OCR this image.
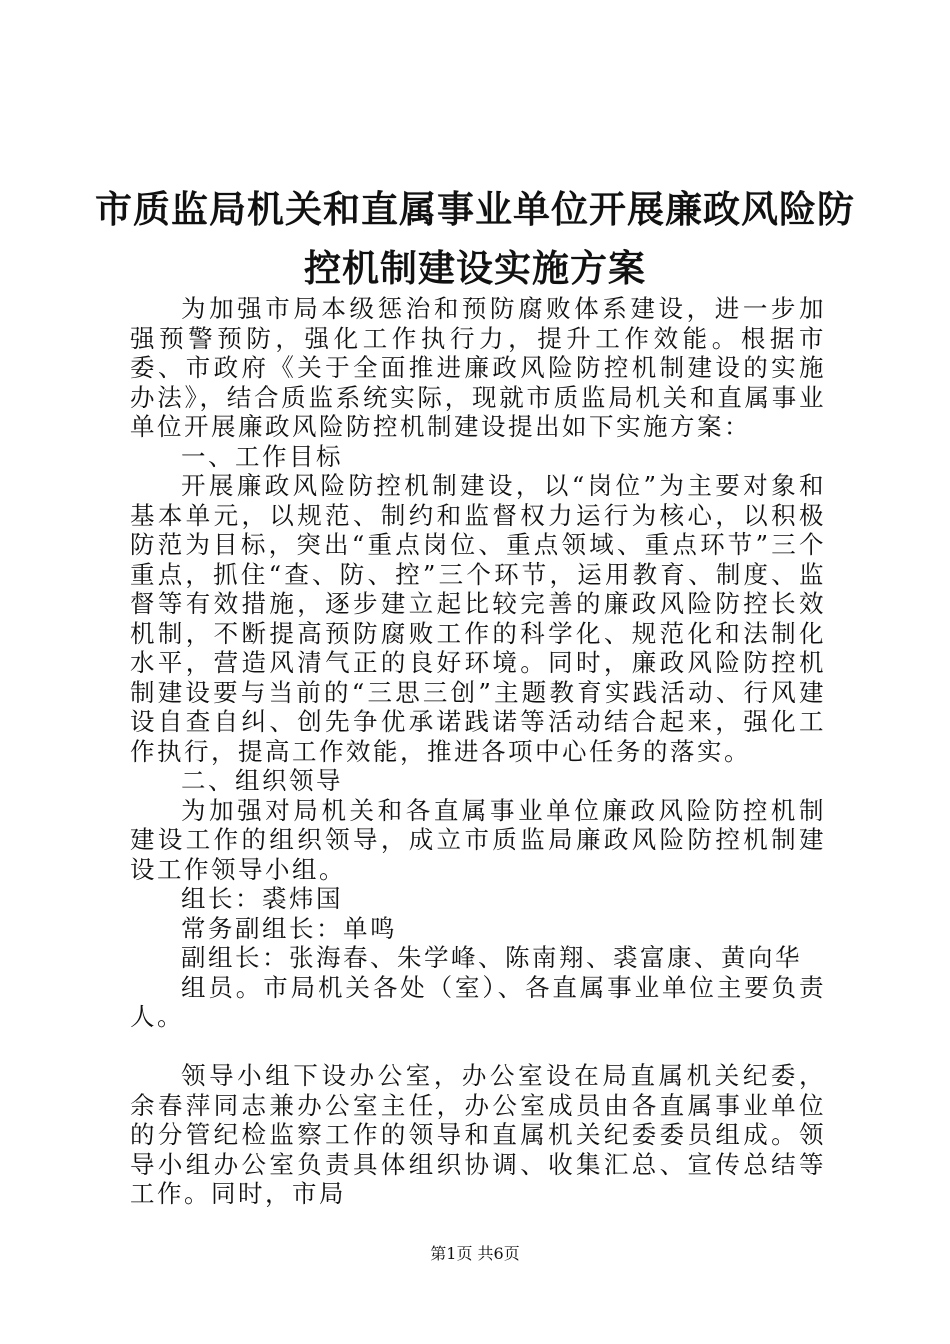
市质监局机关和直属事业单位开展廉政风险防
控机制建设实施方案

为加强市局本级惩治和预防腐败体系建设，进一步加强预警预防，强化工作执行力，提升工作效能。根据市委、市政府《关于全面推进廉政风险防控机制建设的实施办法》，结合质监系统实际，现就市质监局机关和直属事业单位开展廉政风险防控机制建设提出如下实施方案：

一、工作目标

开展廉政风险防控机制建设，以“岗位”为主要对象和基本单元，以规范、制约和监督权力运行为核心，以积极防范为目标，突出“重点岗位、重点领域、重点环节”三个重点，抓住“查、防、控”三个环节，运用教育、制度、监督等有效措施，逐步建立起比较完善的廉政风险防控长效机制，不断提高预防腐败工作的科学化、规范化和法制化水平，营造风清气正的良好环境。同时，廉政风险防控机制建设要与当前的“三思三创”主题教育实践活动、行风建设自查自纠、创先争优承诺践诺等活动结合起来，强化工作执行，提高工作效能，推进各项中心任务的落实。

二、组织领导

为加强对局机关和各直属事业单位廉政风险防控机制建设工作的组织领导，成立市质监局廉政风险防控机制建设工作领导小组。

组长：裘炜国

常务副组长：单鸣

副组长：张海春、朱学峰、陈南翔、裘富康、黄向华

组员。市局机关各处（室）、各直属事业单位主要负责人。

领导小组下设办公室，办公室设在局直属机关纪委，余春萍同志兼办公室主任，办公室成员由各直属事业单位的分管纪检监察工作的领导和直属机关纪委委员组成。领导小组办公室负责具体组织协调、收集汇总、宣传总结等工作。同时，市局

第1页 共6页
